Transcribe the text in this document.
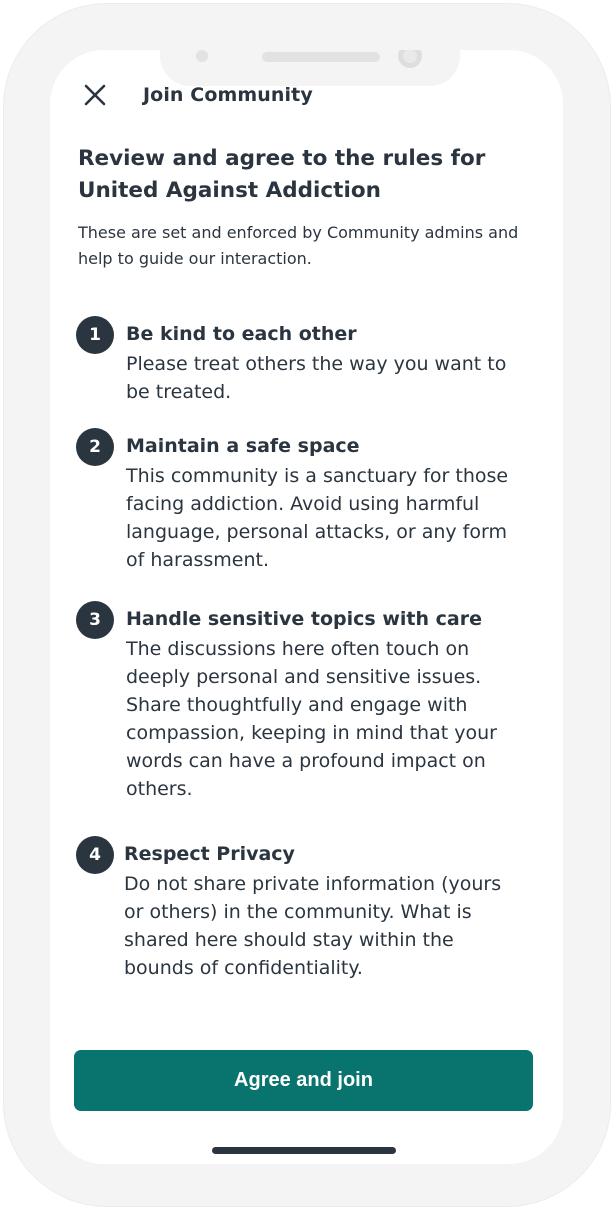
Join Community
Review and agree to the rules for United Against Addiction
These are set and enforced by Community admins and help to guide our interaction.
1	Be kind to each other
Please treat others the way you want to be treated.
2	Maintain a safe space
This community is a sanctuary for those facing addiction. Avoid using harmful language, personal attacks, or any form of harassment.
3	Handle sensitive topics with care
The discussions here often touch on deeply personal and sensitive issues. Share thoughtfully and engage with compassion, keeping in mind that your words can have a profound impact on others.
4	Respect Privacy
Do not share private information (yours or others) in the community. What is shared here should stay within the bounds of confidentiality.
Agree and join
